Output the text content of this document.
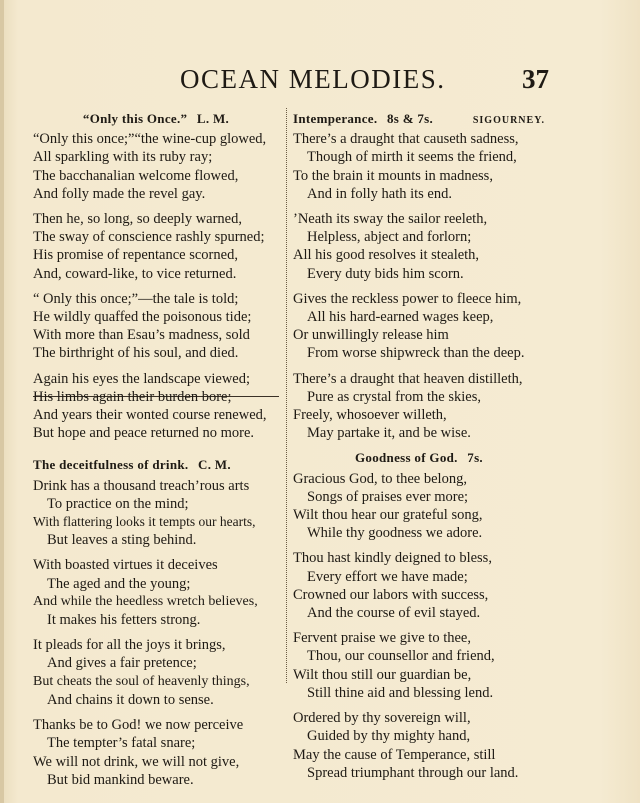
OCEAN MELODIES.	37
“Only this Once.” L. M.
“Only this once;”“the wine-cup glowed,
All sparkling with its ruby ray;
The bacchanalian welcome flowed,
And folly made the revel gay.
Then he, so long, so deeply warned,
The sway of conscience rashly spurned;
His promise of repentance scorned,
And, coward-like, to vice returned.
“ Only this once;”—the tale is told;
He wildly quaffed the poisonous tide;
With more than Esau’s madness, sold
The birthright of his soul, and died.
Again his eyes the landscape viewed;
His limbs again their burden bore;
And years their wonted course renewed,
But hope and peace returned no more.
The deceitfulness of drink. C. M.
Drink has a thousand treach’rous arts
To practice on the mind;
With flattering looks it tempts our hearts,
But leaves a sting behind.
With boasted virtues it deceives
The aged and the young;
And while the heedless wretch believes,
It makes his fetters strong.
It pleads for all the joys it brings,
And gives a fair pretence;
But cheats the soul of heavenly things,
And chains it down to sense.
Thanks be to God! we now perceive
The tempter’s fatal snare;
We will not drink, we will not give,
But bid mankind beware.
Intemperance. 8s & 7s.	SIGOURNEY.
There’s a draught that causeth sadness,
Though of mirth it seems the friend,
To the brain it mounts in madness,
And in folly hath its end.
’Neath its sway the sailor reeleth,
Helpless, abject and forlorn;
All his good resolves it stealeth,
Every duty bids him scorn.
Gives the reckless power to fleece him,
All his hard-earned wages keep,
Or unwillingly release him
From worse shipwreck than the deep.
There’s a draught that heaven distilleth,
Pure as crystal from the skies,
Freely, whosoever willeth,
May partake it, and be wise.
Goodness of God. 7s.
Gracious God, to thee belong,
Songs of praises ever more;
Wilt thou hear our grateful song,
While thy goodness we adore.
Thou hast kindly deigned to bless,
Every effort we have made;
Crowned our labors with success,
And the course of evil stayed.
Fervent praise we give to thee,
Thou, our counsellor and friend,
Wilt thou still our guardian be,
Still thine aid and blessing lend.
Ordered by thy sovereign will,
Guided by thy mighty hand,
May the cause of Temperance, still
Spread triumphant through our land.
